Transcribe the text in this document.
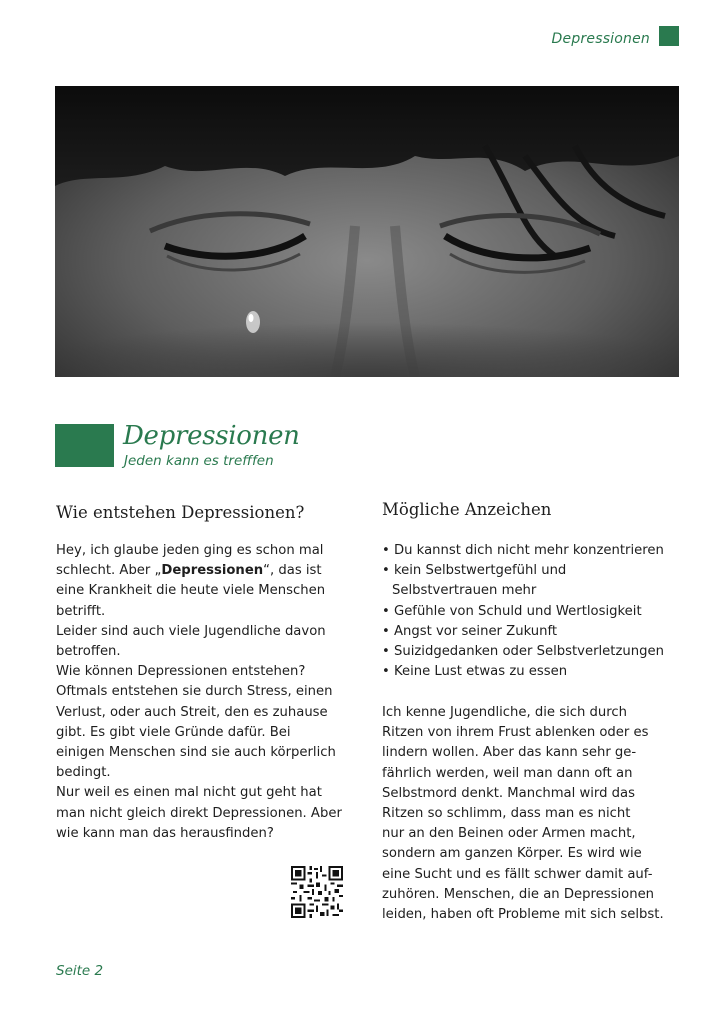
Depressionen
Depressionen
Jeden kann es trefffen
Wie entstehen Depressionen?
Hey, ich glaube jeden ging es schon mal
schlecht. Aber „Depressionen“, das ist
eine Krankheit die heute viele Menschen
betrifft.
Leider sind auch viele Jugendliche davon
betroffen.
Wie können Depressionen entstehen?
Oftmals entstehen sie durch Stress, einen
Verlust, oder auch Streit, den es zuhause
gibt. Es gibt viele Gründe dafür. Bei
einigen Menschen sind sie auch körperlich
bedingt.
Nur weil es einen mal nicht gut geht hat
man nicht gleich direkt Depressionen. Aber
wie kann man das herausfinden?
Mögliche Anzeichen
• Du kannst dich nicht mehr konzentrieren
• kein Selbstwertgefühl und
Selbstvertrauen mehr
• Gefühle von Schuld und Wertlosigkeit
• Angst vor seiner Zukunft
• Suizidgedanken oder Selbstverletzungen
• Keine Lust etwas zu essen
Ich kenne Jugendliche, die sich durch
Ritzen von ihrem Frust ablenken oder es
lindern wollen. Aber das kann sehr ge-
fährlich werden, weil man dann oft an
Selbstmord denkt. Manchmal wird das
Ritzen so schlimm, dass man es nicht
nur an den Beinen oder Armen macht,
sondern am ganzen Körper. Es wird wie
eine Sucht und es fällt schwer damit auf-
zuhören. Menschen, die an Depressionen
leiden, haben oft Probleme mit sich selbst.
Seite 2
